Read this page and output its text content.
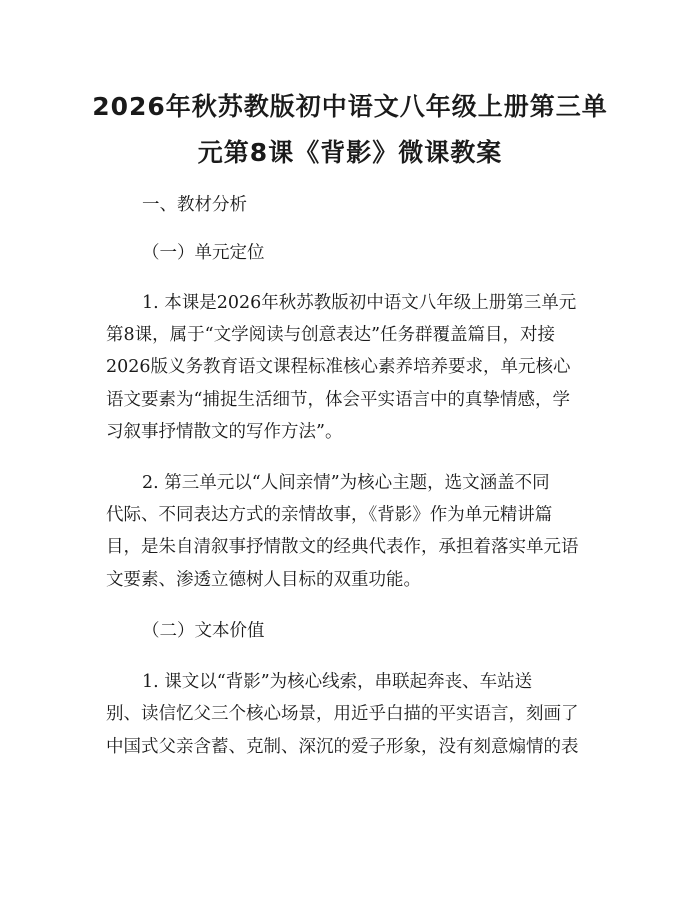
2026年秋苏教版初中语文八年级上册第三单
元第8课《背影》微课教案

一、教材分析

（一）单元定位

1. 本课是2026年秋苏教版初中语文八年级上册第三单元

第8课，属于“文学阅读与创意表达”任务群覆盖篇目，对接

2026版义务教育语文课程标准核心素养培养要求，单元核心

语文要素为“捕捉生活细节，体会平实语言中的真挚情感，学

习叙事抒情散文的写作方法”。

2. 第三单元以“人间亲情”为核心主题，选文涵盖不同

代际、不同表达方式的亲情故事，《背影》作为单元精讲篇

目，是朱自清叙事抒情散文的经典代表作，承担着落实单元语

文要素、渗透立德树人目标的双重功能。

（二）文本价值

1. 课文以“背影”为核心线索，串联起奔丧、车站送

别、读信忆父三个核心场景，用近乎白描的平实语言，刻画了

中国式父亲含蓄、克制、深沉的爱子形象，没有刻意煽情的表
